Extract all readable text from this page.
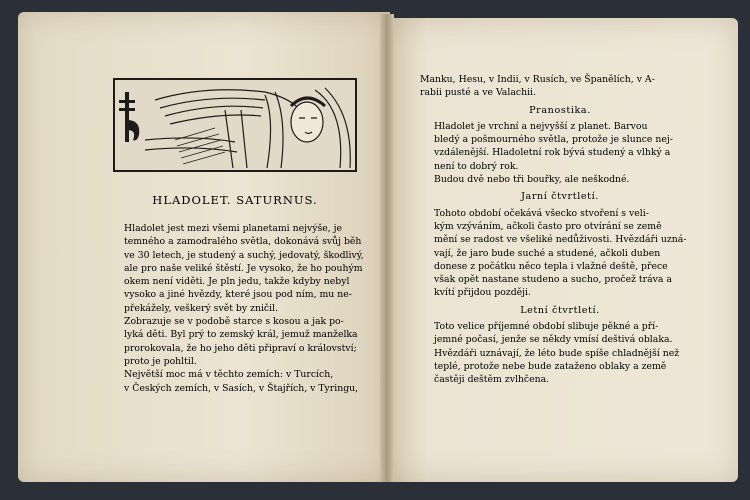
HLADOLET. SATURNUS.

Hladolet jest mezi všemi planetami nejvýše, je
temného a zamodralého světla, dokonává svůj běh
ve 30 letech, je studený a suchý, jedovatý, škodlivý,
ale pro naše veliké štěstí. Je vysoko, že ho pouhým
okem není viděti. Je pln jedu, takže kdyby nebyl
vysoko a jiné hvězdy, které jsou pod ním, mu ne-
překážely, veškerý svět by zničil.

Zobrazuje se v podobě starce s kosou a jak po-
lyká děti. Byl prý to zemský král, jemuž manželka
prorokovala, že ho jeho děti připraví o království;
proto je pohltil.

Největší moc má v těchto zemích: v Turcích,
v Českých zemích, v Sasích, v Štajřích, v Tyringu,

Manku, Hesu, v Indii, v Rusích, ve Španělích, v A-
rabii pusté a ve Valachii.
Pranostika.

Hladolet je vrchní a nejvyšší z planet. Barvou
bledý a pošmourného světla, protože je slunce nej-
vzdálenější. Hladoletní rok bývá studený a vlhký a
není to dobrý rok.

Budou dvě nebo tři bouřky, ale neškodné.

Jarní čtvrtletí.

Tohoto období očekává všecko stvoření s veli-
kým vzýváním, ačkoli často pro otvírání se země
mění se radost ve všeliké nedůživosti. Hvězdáři uzná-
vají, že jaro bude suché a studené, ačkoli duben
donese z počátku něco tepla i vlažné deště, přece
však opět nastane studeno a sucho, pročež tráva a
kvítí přijdou později.

Letní čtvrtletí.

Toto velice příjemné období slibuje pěkné a pří-
jemné počasí, jenže se někdy vmísí deštivá oblaka.
Hvězdáři uznávají, že léto bude spíše chladnější než
teplé, protože nebe bude zataženo oblaky a země
častěji deštěm zvlhčena.
